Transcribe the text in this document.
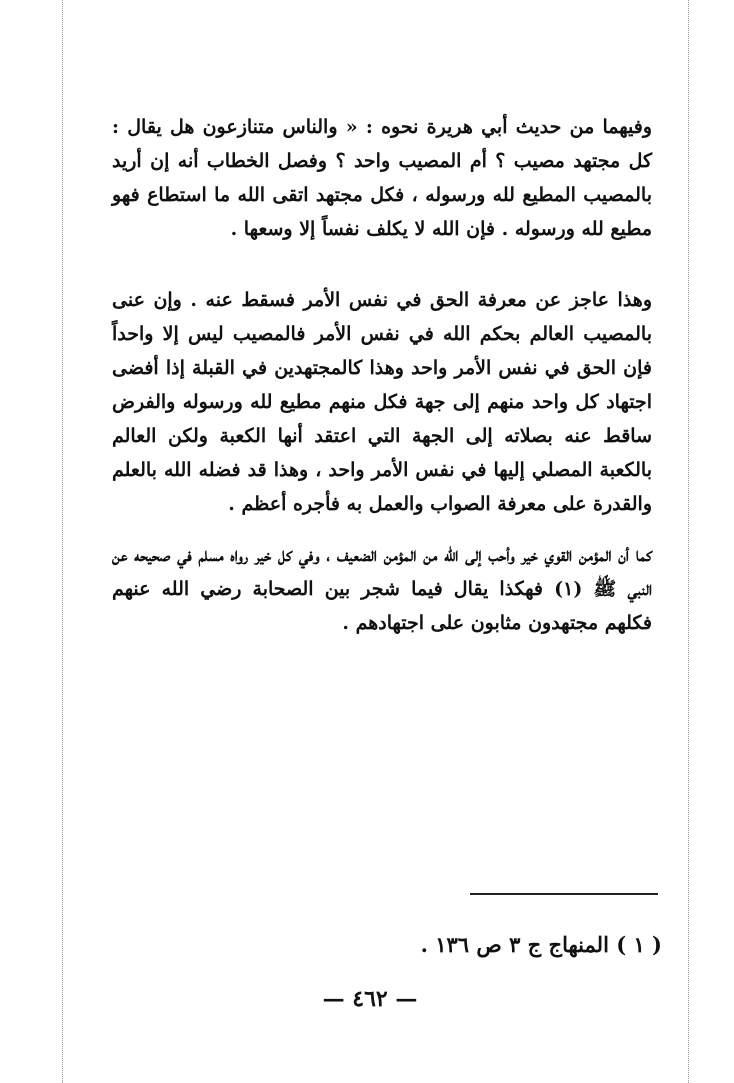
وفيهما من حديث أبي هريرة نحوه : « والناس متنازعون هل يقال : كل مجتهد مصيب ؟ أم المصيب واحد ؟ وفصل الخطاب أنه إن أريد بالمصيب المطيع لله ورسوله ، فكل مجتهد اتقى الله ما استطاع فهو مطيع لله ورسوله . فإن الله لا يكلف نفساً إلا وسعها .

وهذا عاجز عن معرفة الحق في نفس الأمر فسقط عنه . وإن عنى بالمصيب العالم بحكم الله في نفس الأمر فالمصيب ليس إلا واحداً فإن الحق في نفس الأمر واحد وهذا كالمجتهدين في القبلة إذا أفضى اجتهاد كل واحد منهم إلى جهة فكل منهم مطيع لله ورسوله والفرض ساقط عنه بصلاته إلى الجهة التي اعتقد أنها الكعبة ولكن العالم بالكعبة المصلي إليها في نفس الأمر واحد ، وهذا قد فضله الله بالعلم والقدرة على معرفة الصواب والعمل به فأجره أعظم .

كما أن المؤمن القوي خير وأحب إلى الله من المؤمن الضعيف ، وفي كل خير رواه مسلم في صحيحه عن النبي ﷺ (١) فهكذا يقال فيما شجر بين الصحابة رضي الله عنهم فكلهم مجتهدون مثابون على اجتهادهم .

( ١ ) المنهاج ج ٣ ص ١٣٦ .
— ٤٦٢ —
